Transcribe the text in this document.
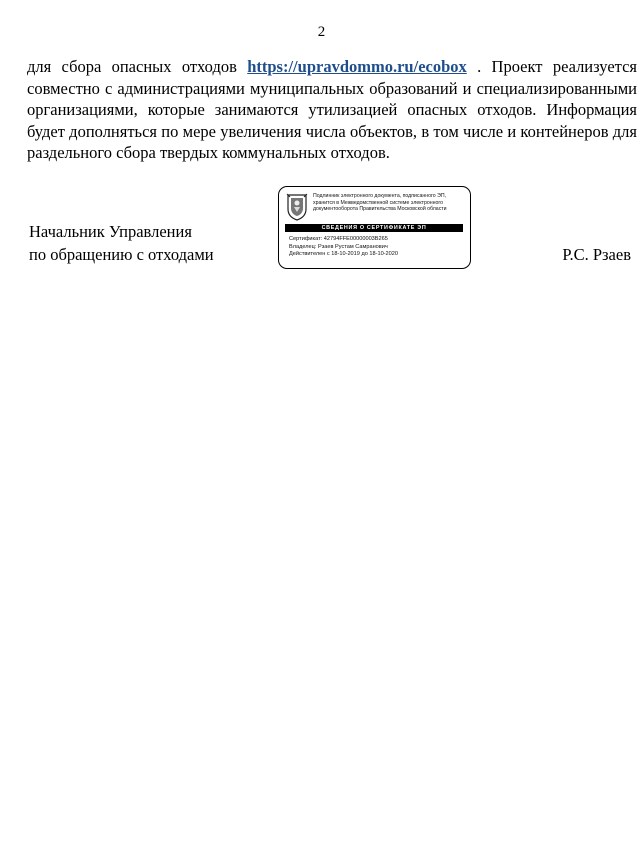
2

для сбора опасных отходов https://upravdommo.ru/ecobox . Проект реализуется совместно с администрациями муниципальных образований и специализированными организациями, которые занимаются утилизацией опасных отходов. Информация будет дополняться по мере увеличения числа объектов, в том числе и контейнеров для раздельного сбора твердых коммунальных отходов.

Начальник Управления
по обращению с отходами
Подлинник электронного документа, подписанного ЭП,
хранится в Межведомственной системе электронного
документооборота Правительства Московской области
СВЕДЕНИЯ О СЕРТИФИКАТЕ ЭП
Сертификат: 42794FFE00000003B265
Владелец: Рзаев Рустам Самранович
Действителен с 18-10-2019 до 18-10-2020	Р.С. Рзаев
